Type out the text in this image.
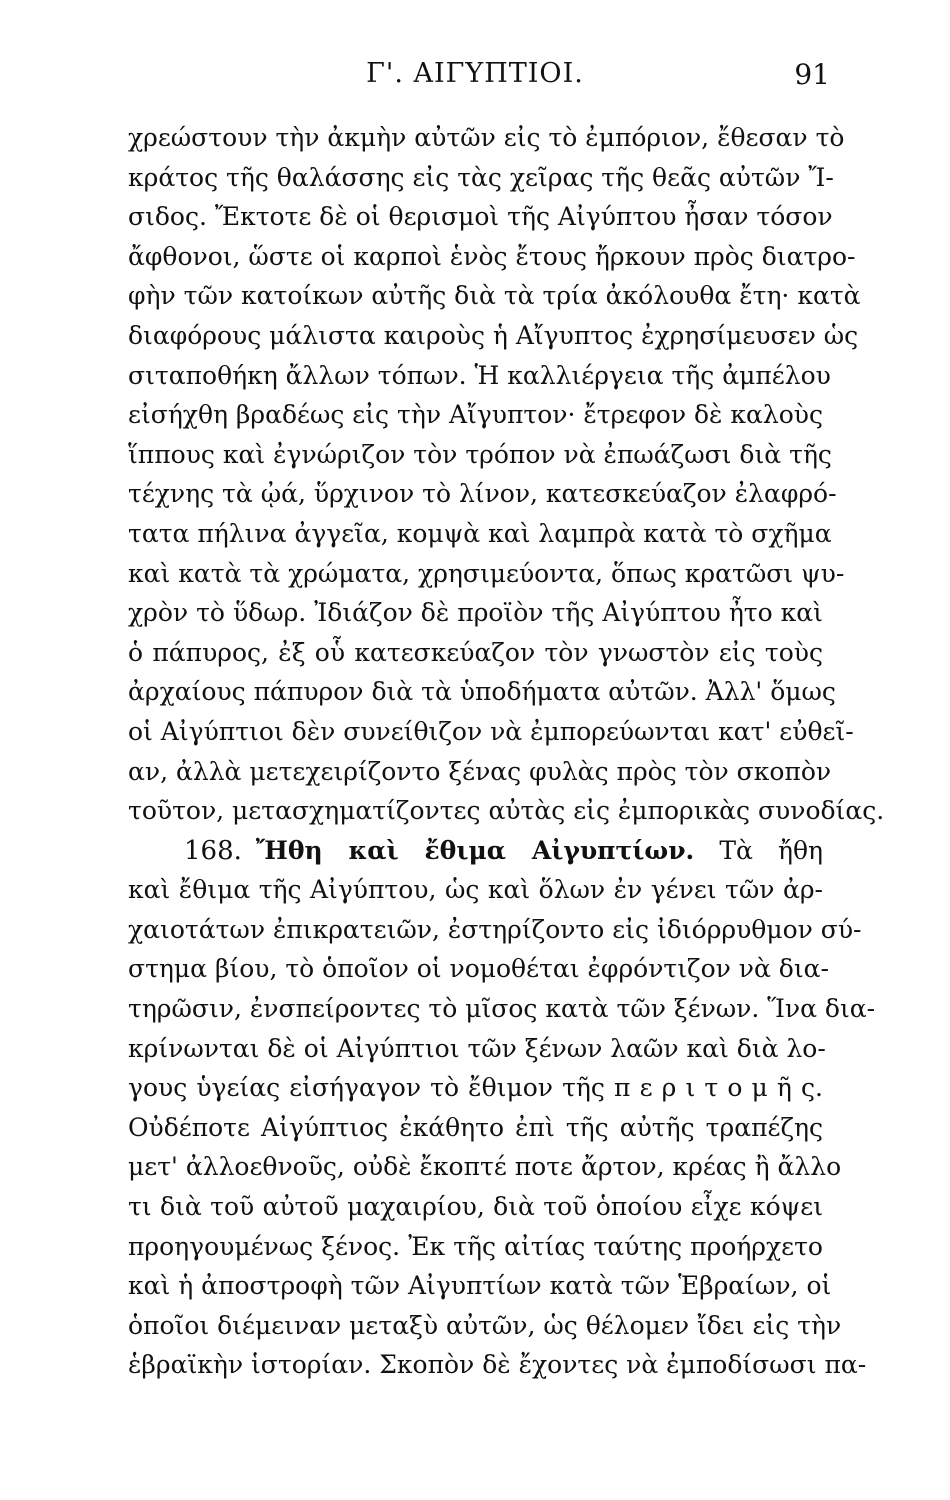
Γ'. ΑΙΓΥΠΤΙΟΙ.	91
χρεώστουν τὴν ἀκμὴν αὐτῶν εἰς τὸ ἐμπόριον, ἔθεσαν τὸ
κράτος τῆς θαλάσσης εἰς τὰς χεῖρας τῆς θεᾶς αὐτῶν Ἴ-
σιδος. Ἔκτοτε δὲ οἱ θερισμοὶ τῆς Αἰγύπτου ἦσαν τόσον
ἄφθονοι, ὥστε οἱ καρποὶ ἑνὸς ἔτους ἤρκουν πρὸς διατρο-
φὴν τῶν κατοίκων αὐτῆς διὰ τὰ τρία ἀκόλουθα ἔτη· κατὰ
διαφόρους μάλιστα καιροὺς ἡ Αἴγυπτος ἐχρησίμευσεν ὡς
σιταποθήκη ἄλλων τόπων. Ἡ καλλιέργεια τῆς ἀμπέλου
εἰσήχθη βραδέως εἰς τὴν Αἴγυπτον· ἔτρεφον δὲ καλοὺς
ἵππους καὶ ἐγνώριζον τὸν τρόπον νὰ ἐπωάζωσι διὰ τῆς
τέχνης τὰ ᾠά, ὕρχινον τὸ λίνον, κατεσκεύαζον ἐλαφρό-
τατα πήλινα ἀγγεῖα, κομψὰ καὶ λαμπρὰ κατὰ τὸ σχῆμα
καὶ κατὰ τὰ χρώματα, χρησιμεύοντα, ὅπως κρατῶσι ψυ-
χρὸν τὸ ὕδωρ. Ἰδιάζον δὲ προϊὸν τῆς Αἰγύπτου ἦτο καὶ
ὁ πάπυρος, ἐξ οὗ κατεσκεύαζον τὸν γνωστὸν εἰς τοὺς
ἀρχαίους πάπυρον διὰ τὰ ὑποδήματα αὐτῶν. Ἀλλ' ὅμως
οἱ Αἰγύπτιοι δὲν συνείθιζον νὰ ἐμπορεύωνται κατ' εὐθεῖ-
αν, ἀλλὰ μετεχειρίζοντο ξένας φυλὰς πρὸς τὸν σκοπὸν
τοῦτον, μετασχηματίζοντες αὐτὰς εἰς ἐμπορικὰς συνοδίας.
168. Ἤθη καὶ ἔθιμα Αἰγυπτίων. Τὰ ἤθη
καὶ ἔθιμα τῆς Αἰγύπτου, ὡς καὶ ὅλων ἐν γένει τῶν ἀρ-
χαιοτάτων ἐπικρατειῶν, ἐστηρίζοντο εἰς ἰδιόρρυθμον σύ-
στημα βίου, τὸ ὁποῖον οἱ νομοθέται ἐφρόντιζον νὰ δια-
τηρῶσιν, ἐνσπείροντες τὸ μῖσος κατὰ τῶν ξένων. Ἵνα δια-
κρίνωνται δὲ οἱ Αἰγύπτιοι τῶν ξένων λαῶν καὶ διὰ λο-
γους ὑγείας εἰσήγαγον τὸ ἔθιμον τῆς π ε ρ ι τ ο μ ῆ ς.
Οὐδέποτε Αἰγύπτιος ἐκάθητο ἐπὶ τῆς αὐτῆς τραπέζης
μετ' ἀλλοεθνοῦς, οὐδὲ ἔκοπτέ ποτε ἄρτον, κρέας ἢ ἄλλο
τι διὰ τοῦ αὐτοῦ μαχαιρίου, διὰ τοῦ ὁποίου εἶχε κόψει
προηγουμένως ξένος. Ἐκ τῆς αἰτίας ταύτης προήρχετο
καὶ ἡ ἀποστροφὴ τῶν Αἰγυπτίων κατὰ τῶν Ἑβραίων, οἱ
ὁποῖοι διέμειναν μεταξὺ αὐτῶν, ὡς θέλομεν ἴδει εἰς τὴν
ἑβραϊκὴν ἱστορίαν. Σκοπὸν δὲ ἔχοντες νὰ ἐμποδίσωσι πα-
